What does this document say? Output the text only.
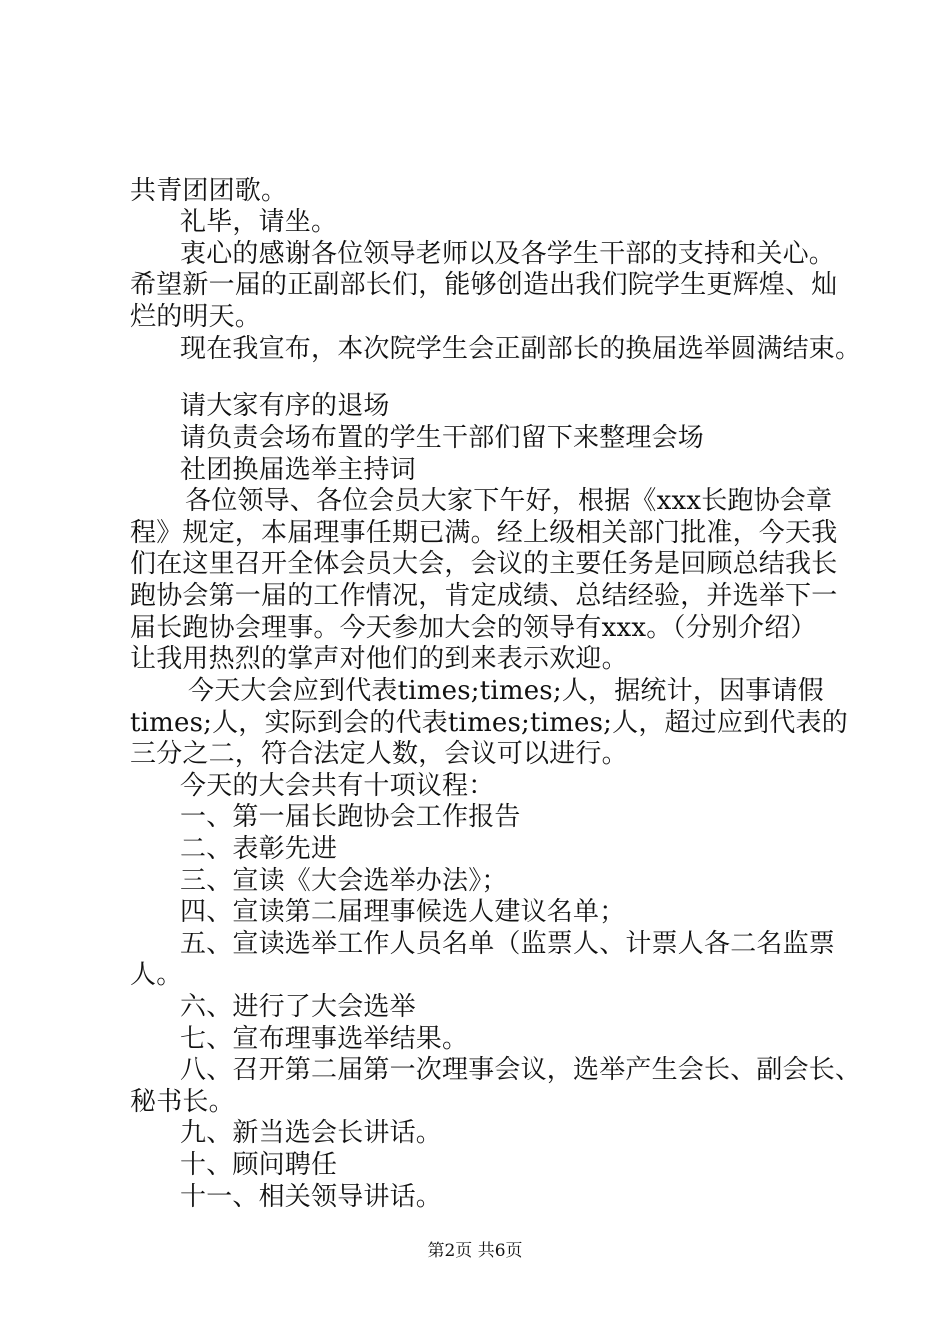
共青团团歌。
礼毕，请坐。
衷心的感谢各位领导老师以及各学生干部的支持和关心。
希望新一届的正副部长们，能够创造出我们院学生更辉煌、灿
烂的明天。
现在我宣布，本次院学生会正副部长的换届选举圆满结束。
请大家有序的退场
请负责会场布置的学生干部们留下来整理会场
社团换届选举主持词
各位领导、各位会员大家下午好，根据《xxx长跑协会章
程》规定，本届理事任期已满。经上级相关部门批准，今天我
们在这里召开全体会员大会，会议的主要任务是回顾总结我长
跑协会第一届的工作情况，肯定成绩、总结经验，并选举下一
届长跑协会理事。今天参加大会的领导有xxx。（分别介绍）
让我用热烈的掌声对他们的到来表示欢迎。
今天大会应到代表times;times;人，据统计，因事请假
times;人，实际到会的代表times;times;人，超过应到代表的
三分之二，符合法定人数，会议可以进行。
今天的大会共有十项议程：
一、第一届长跑协会工作报告
二、表彰先进
三、宣读《大会选举办法》；
四、宣读第二届理事候选人建议名单；
五、宣读选举工作人员名单（监票人、计票人各二名监票
人。
六、进行了大会选举
七、宣布理事选举结果。
八、召开第二届第一次理事会议，选举产生会长、副会长、
秘书长。
九、新当选会长讲话。
十、顾问聘任
十一、相关领导讲话。
第2页 共6页
